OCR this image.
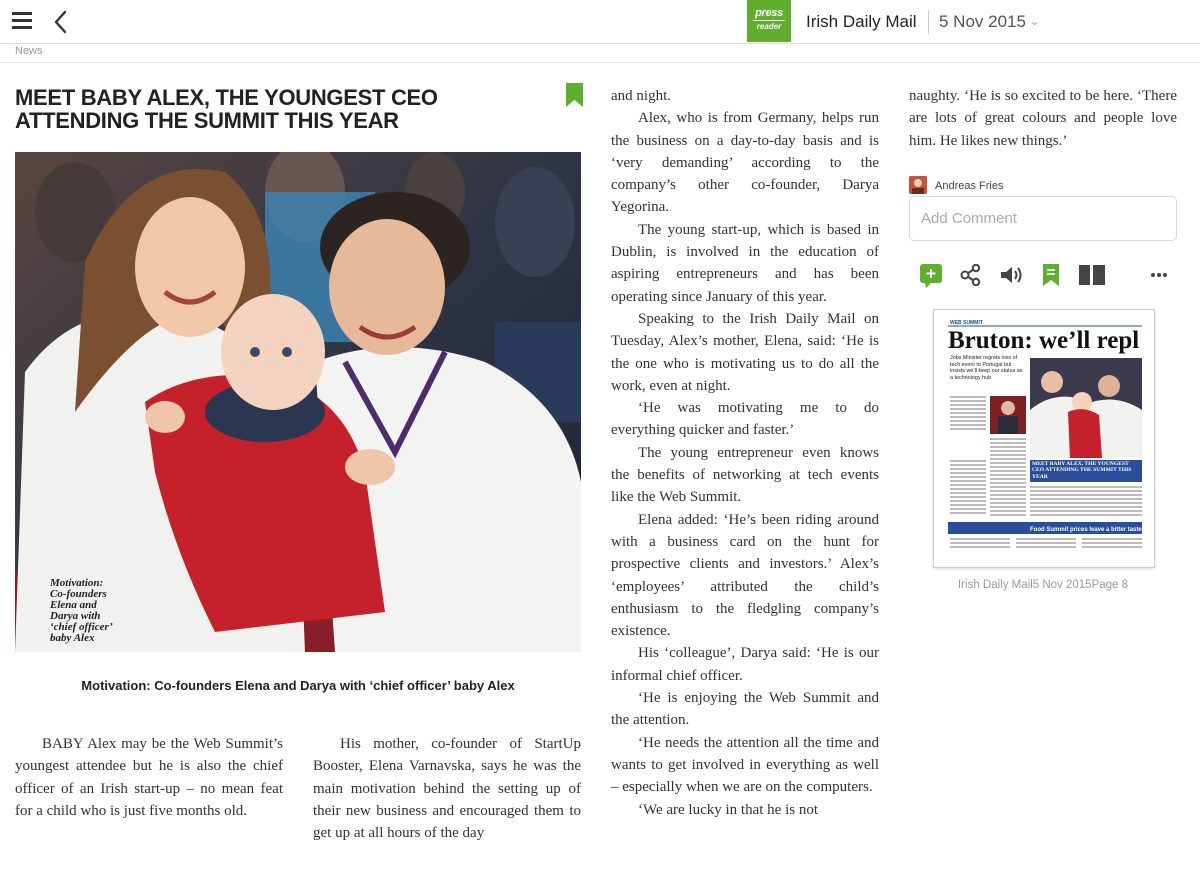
press
reader Irish Daily Mail 5 Nov 2015 ⌄
News
MEET BABY ALEX, THE YOUNGEST CEO ATTENDING THE SUMMIT THIS YEAR
Motivation:
Co-founders
Elena and
Darya with
‘chief officer’
baby Alex
Motivation: Co-founders Elena and Darya with ‘chief officer’ baby Alex

BABY Alex may be the Web Summit’s youngest attendee but he is also the chief officer of an Irish start-up – no mean feat for a child who is just five months old.

His mother, co-founder of StartUp Booster, Elena Varnavska, says he was the main motivation behind the setting up of their new business and encouraged them to get up at all hours of the day

and night.

Alex, who is from Germany, helps run the business on a day-to-day basis and is ‘very demanding’ according to the company’s other co-founder, Darya Yegorina.

The young start-up, which is based in Dublin, is involved in the education of aspiring entrepreneurs and has been operating since January of this year.

Speaking to the Irish Daily Mail on Tuesday, Alex’s mother, Elena, said: ‘He is the one who is motivating us to do all the work, even at night.

‘He was motivating me to do everything quicker and faster.’

The young entrepreneur even knows the benefits of networking at tech events like the Web Summit.

Elena added: ‘He’s been riding around with a business card on the hunt for prospective clients and investors.’ Alex’s ‘employees’ attributed the child’s enthusiasm to the fledgling company’s existence.

His ‘colleague’, Darya said: ‘He is our informal chief officer.

‘He is enjoying the Web Summit and the attention.

‘He needs the attention all the time and wants to get involved in everything as well – especially when we are on the computers.

‘We are lucky in that he is not

naughty. ‘He is so excited to be here. ‘There are lots of great colours and people love him. He likes new things.’

Andreas Fries
Add Comment
WEB SUMMIT
Bruton: we’ll repl
Jobs Minister regrets loss of tech event to Portugal but insists we’ll keep our status as a technology hub
MEET BABY ALEX, THE YOUNGEST CEO ATTENDING THE SUMMIT THIS YEAR
Food Summit prices leave a bitter taste
Irish Daily Mail5 Nov 2015Page 8
